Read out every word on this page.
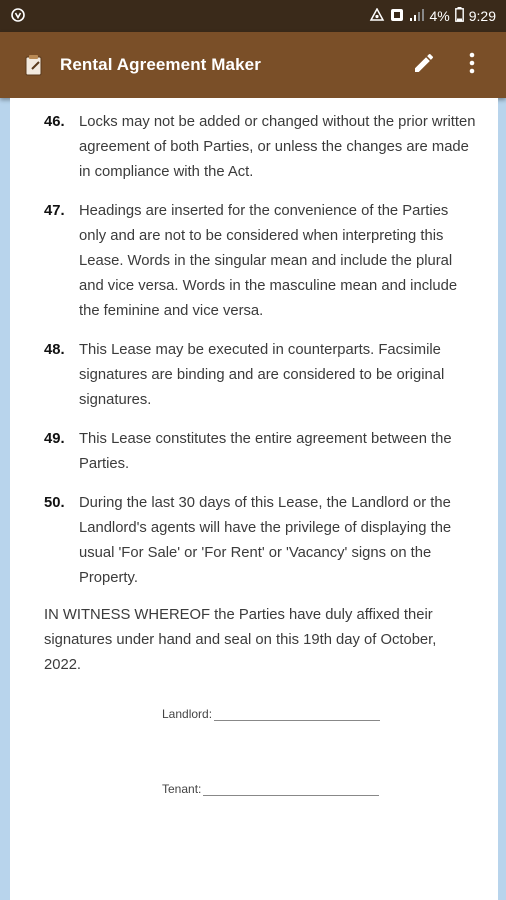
4% 9:29
Rental Agreement Maker
46. Locks may not be added or changed without the prior written agreement of both Parties, or unless the changes are made in compliance with the Act.
47. Headings are inserted for the convenience of the Parties only and are not to be considered when interpreting this Lease. Words in the singular mean and include the plural and vice versa. Words in the masculine mean and include the feminine and vice versa.
48. This Lease may be executed in counterparts. Facsimile signatures are binding and are considered to be original signatures.
49. This Lease constitutes the entire agreement between the Parties.
50. During the last 30 days of this Lease, the Landlord or the Landlord's agents will have the privilege of displaying the usual 'For Sale' or 'For Rent' or 'Vacancy' signs on the Property.
IN WITNESS WHEREOF the Parties have duly affixed their signatures under hand and seal on this 19th day of October, 2022.
Landlord:
Tenant:
